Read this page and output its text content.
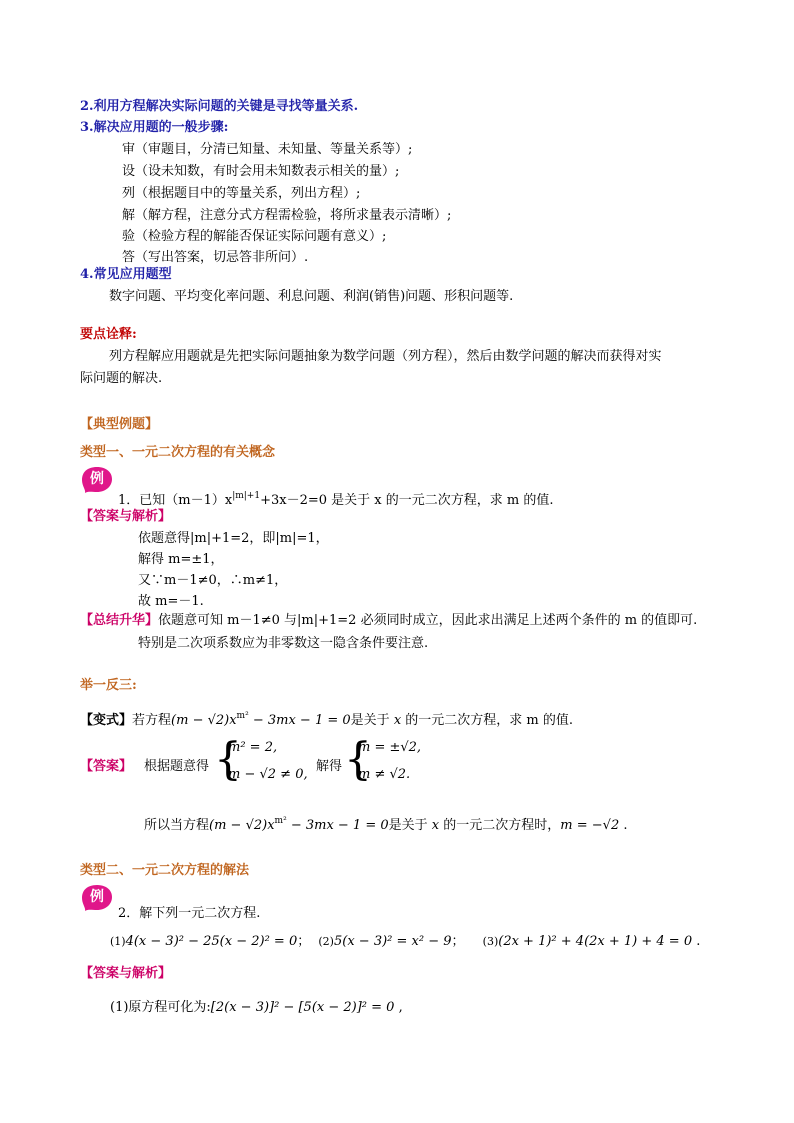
2.利用方程解决实际问题的关键是寻找等量关系.
3.解决应用题的一般步骤:
审（审题目，分清已知量、未知量、等量关系等）;
设（设未知数，有时会用未知数表示相关的量）;
列（根据题目中的等量关系，列出方程）;
解（解方程，注意分式方程需检验，将所求量表示清晰）;
验（检验方程的解能否保证实际问题有意义）;
答（写出答案，切忌答非所问）.
4.常见应用题型
数字问题、平均变化率问题、利息问题、利润(销售)问题、形积问题等.
要点诠释:
列方程解应用题就是先把实际问题抽象为数学问题（列方程），然后由数学问题的解决而获得对实
际问题的解决.
【典型例题】
类型一、一元二次方程的有关概念
例
1．已知$(m-1)x^{|m|+1}+3x-2=0$ 是关于 x 的一元二次方程，求 m 的值.
【答案与解析】
依题意得|m|+1=2，即|m|=1，
解得 m=±1，
又∵m－1≠0，∴m≠1，
故 m=－1.
【总结升华】依题意可知 m－1≠0 与|m|+1=2 必须同时成立，因此求出满足上述两个条件的 m 的值即可.
特别是二次项系数应为非零数这一隐含条件要注意.
举一反三:
【变式】若方程$(m - √2)x^{m^2} - 3mx - 1 = 0$是关于 x 的一元二次方程，求 m 的值.
【答案】 根据题意得 {
m² = 2,
m − √2 ≠ 0,
解得 {
m = ±√2,
m ≠ √2.
所以当方程$(m - √2)x^{m^2} - 3mx - 1 = 0$是关于 x 的一元二次方程时，m = −√2 .
类型二、一元二次方程的解法
例
2．解下列一元二次方程.
(1)4(x − 3)² − 25(x − 2)² = 0； (2)5(x − 3)² = x² − 9； (3)(2x + 1)² + 4(2x + 1) + 4 = 0 .
【答案与解析】
(1)原方程可化为:[2(x − 3)]² − [5(x − 2)]² = 0 ,
